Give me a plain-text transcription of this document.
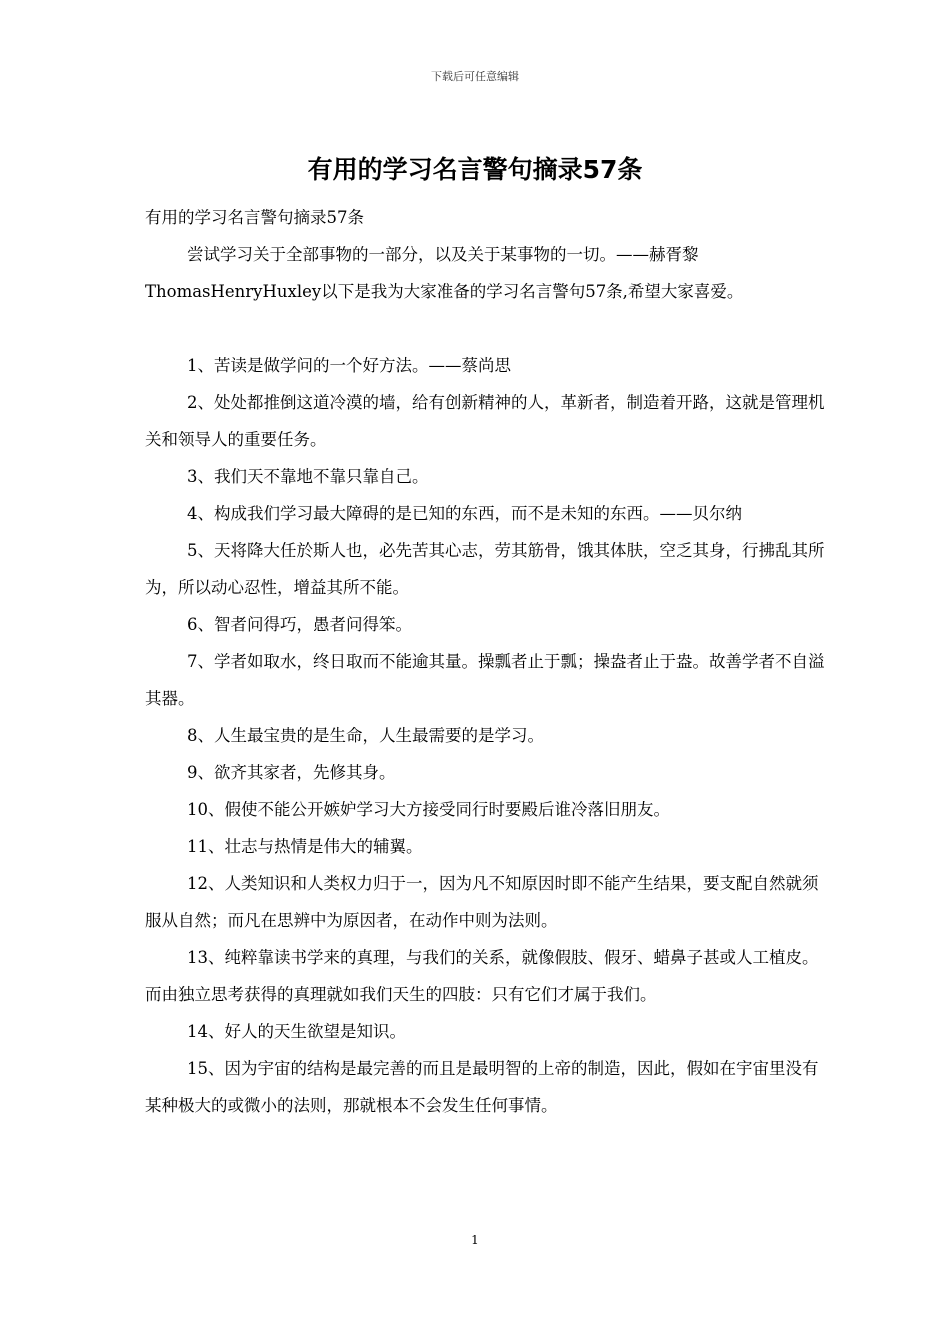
下载后可任意编辑
有用的学习名言警句摘录57条

有用的学习名言警句摘录57条

尝试学习关于全部事物的一部分，以及关于某事物的一切。——赫胥黎ThomasHenryHuxley以下是我为大家准备的学习名言警句57条,希望大家喜爱。

1、苦读是做学问的一个好方法。——蔡尚思

2、处处都推倒这道冷漠的墙，给有创新精神的人，革新者，制造着开路，这就是管理机关和领导人的重要任务。

3、我们天不靠地不靠只靠自己。

4、构成我们学习最大障碍的是已知的东西，而不是未知的东西。——贝尔纳

5、天将降大任於斯人也，必先苦其心志，劳其筋骨，饿其体肤，空乏其身，行拂乱其所为，所以动心忍性，增益其所不能。

6、智者问得巧，愚者问得笨。

7、学者如取水，终日取而不能逾其量。操瓢者止于瓢；操盎者止于盎。故善学者不自溢其器。

8、人生最宝贵的是生命，人生最需要的是学习。

9、欲齐其家者，先修其身。

10、假使不能公开嫉妒学习大方接受同行时要殿后谁冷落旧朋友。

11、壮志与热情是伟大的辅翼。

12、人类知识和人类权力归于一，因为凡不知原因时即不能产生结果，要支配自然就须服从自然；而凡在思辨中为原因者，在动作中则为法则。

13、纯粹靠读书学来的真理，与我们的关系，就像假肢、假牙、蜡鼻子甚或人工植皮。而由独立思考获得的真理就如我们天生的四肢：只有它们才属于我们。

14、好人的天生欲望是知识。

15、因为宇宙的结构是最完善的而且是最明智的上帝的制造，因此，假如在宇宙里没有某种极大的或微小的法则，那就根本不会发生任何事情。

1
